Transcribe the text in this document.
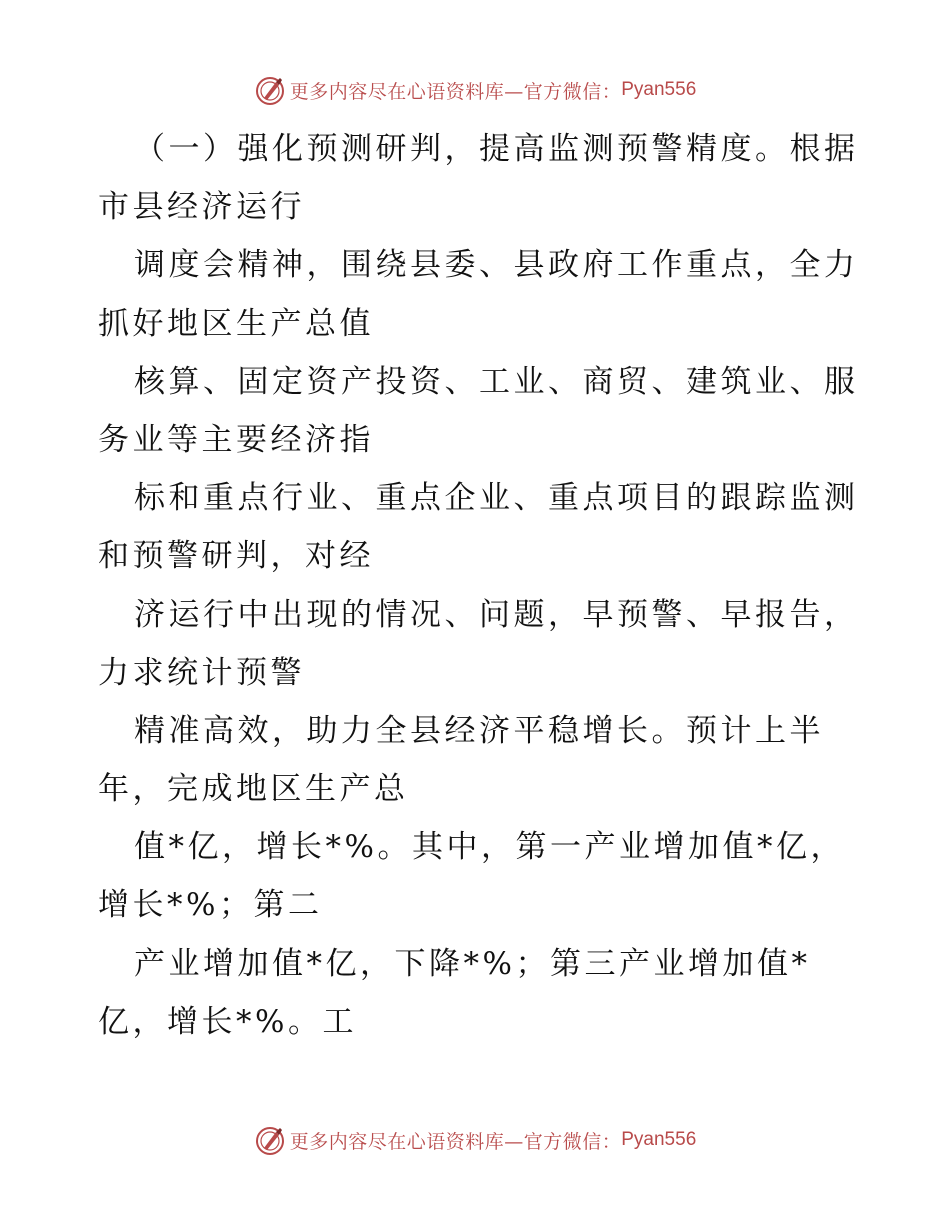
更多内容尽在心语资料库—官方微信： Pyan556
（一）强化预测研判，提高监测预警精度。根据
市县经济运行
调度会精神，围绕县委、县政府工作重点，全力
抓好地区生产总值
核算、固定资产投资、工业、商贸、建筑业、服
务业等主要经济指
标和重点行业、重点企业、重点项目的跟踪监测
和预警研判，对经
济运行中出现的情况、问题，早预警、早报告，
力求统计预警
精准高效，助力全县经济平稳增长。预计上半
年，完成地区生产总
值*亿，增长*%。其中，第一产业增加值*亿，
增长*%；第二
产业增加值*亿，下降*%；第三产业增加值*
亿，增长*%。工
更多内容尽在心语资料库—官方微信： Pyan556
